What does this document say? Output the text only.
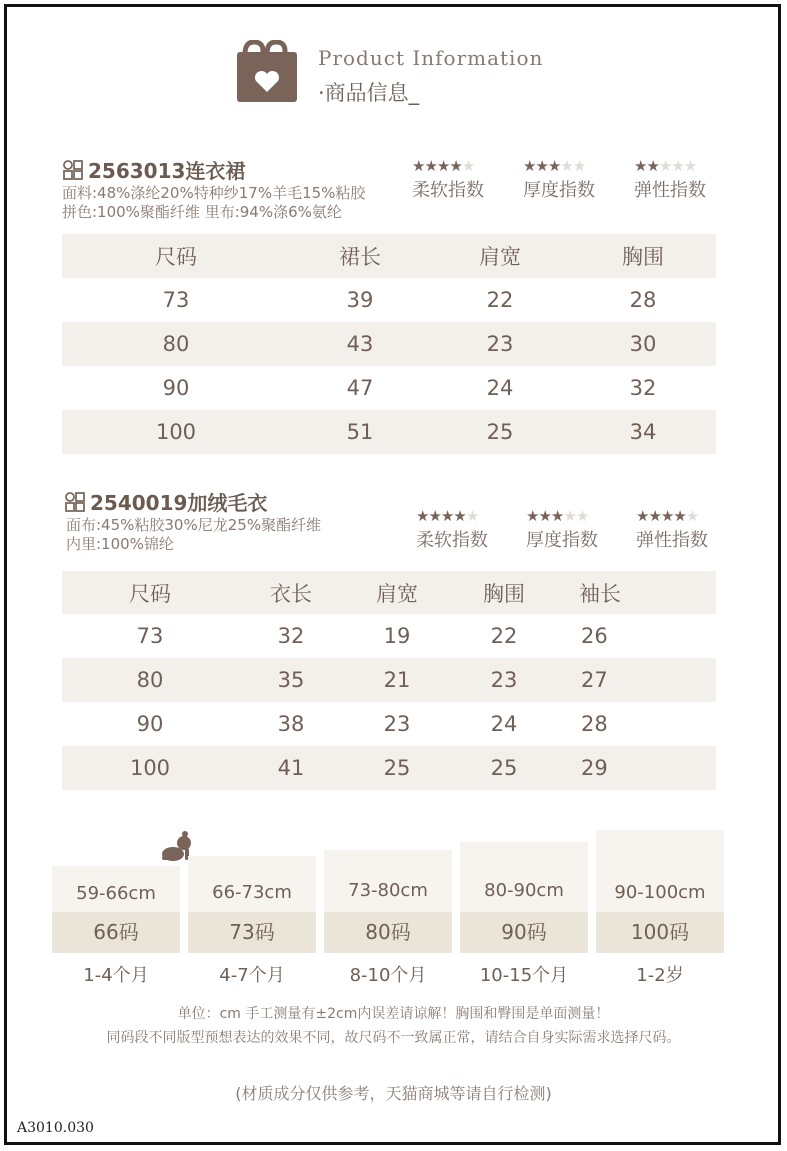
Product Information
·商品信息_
2563013连衣裙
面料:48%涤纶20%特种纱17%羊毛15%粘胶
拼色:100%聚酯纤维 里布:94%涤6%氨纶
★★★★★
柔软指数
★★★★★
厚度指数
★★★★★
弹性指数
尺码	裙长	肩宽	胸围
73	39	22	28
80	43	23	30
90	47	24	32
100	51	25	34
2540019加绒毛衣
面布:45%粘胶30%尼龙25%聚酯纤维
内里:100%锦纶
★★★★★
柔软指数
★★★★★
厚度指数
★★★★★
弹性指数
尺码	衣长	肩宽	胸围	袖长
73	32	19	22	26
80	35	21	23	27
90	38	23	24	28
100	41	25	25	29
59-66cm
66码
66-73cm
73码
73-80cm
80码
80-90cm
90码
90-100cm
100码
1-4个月	4-7个月	8-10个月	10-15个月	1-2岁
单位：cm 手工测量有±2cm内误差请谅解！胸围和臀围是单面测量！
同码段不同版型预想表达的效果不同，故尺码不一致属正常，请结合自身实际需求选择尺码。
(材质成分仅供参考，天猫商城等请自行检测)
A3010.030
